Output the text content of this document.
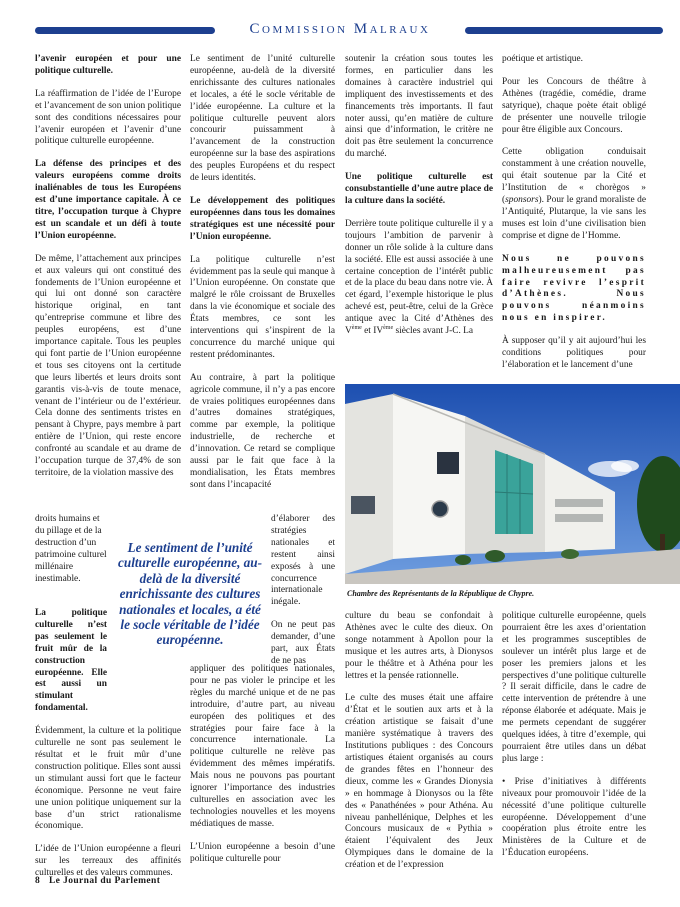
Commission Malraux

l’avenir européen et pour une politique culturelle.

La réaffirmation de l’idée de l’Europe et l’avancement de son union politique sont des conditions nécessaires pour l’avenir européen et l’avenir d’une politique culturelle européenne.

La défense des principes et des valeurs européens comme droits inaliénables de tous les Européens est d’une importance capitale. À ce titre, l’occupation turque à Chypre est un scandale et un défi à toute l’Union européenne.

De même, l’attachement aux principes et aux valeurs qui ont constitué des fondements de l’Union européenne et qui lui ont donné son caractère historique original, en tant qu’entreprise commune et libre des peuples européens, est d’une importance capitale. Tous les peuples qui font partie de l’Union européenne et tous ses citoyens ont la certitude que leurs libertés et leurs droits sont garantis vis-à-vis de toute menace, venant de l’intérieur ou de l’extérieur. Cela donne des sentiments tristes en pensant à Chypre, pays membre à part entière de l’Union, qui reste encore confronté au scandale et au drame de l’occupation turque de 37,4% de son territoire, de la violation massive des

droits humains et du pillage et de la destruction d’un patrimoine culturel millénaire inestimable.
Le sentiment de l’unité culturelle européenne, au-delà de la diversité enrichissante des cultures nationales et locales, a été le socle véritable de l’idée européenne.

La politique culturelle n’est pas seulement le fruit mûr de la construction européenne. Elle est aussi un stimulant fondamental.

Évidemment, la culture et la politique culturelle ne sont pas seulement le résultat et le fruit mûr d’une construction politique. Elles sont aussi un stimulant aussi fort que le facteur économique. Personne ne veut faire une union politique uniquement sur la base d’un strict rationalisme économique.

L’idée de l’Union européenne a fleuri sur les terreaux des affinités culturelles et des valeurs communes.

Le sentiment de l’unité culturelle européenne, au-delà de la diversité enrichissante des cultures nationales et locales, a été le socle véritable de l’idée européenne. La culture et la politique culturelle peuvent alors concourir puissamment à l’avancement de la construction européenne sur la base des aspirations des peuples Européens et du respect de leurs identités.

Le développement des politiques européennes dans tous les domaines stratégiques est une nécessité pour l’Union européenne.

La politique culturelle n’est évidemment pas la seule qui manque à l’Union européenne. On constate que malgré le rôle croissant de Bruxelles dans la vie économique et sociale des États membres, ce sont les interventions qui s’inspirent de la concurrence du marché unique qui restent prédominantes.

Au contraire, à part la politique agricole commune, il n’y a pas encore de vraies politiques européennes dans d’autres domaines stratégiques, comme par exemple, la politique industrielle, de recherche et d’innovation. Ce retard se complique aussi par le fait que face à la mondialisation, les États membres sont dans l’incapacité

d’élaborer des stratégies nationales et restent ainsi exposés à une concurrence internationale inégale.

On ne peut pas demander, d’une part, aux États de ne pas

appliquer des politiques nationales, pour ne pas violer le principe et les règles du marché unique et de ne pas introduire, d’autre part, au niveau européen des politiques et des stratégies pour faire face à la concurrence internationale. La politique culturelle ne relève pas évidemment des mêmes impératifs. Mais nous ne pouvons pas pourtant ignorer l’importance des industries culturelles en association avec les technologies nouvelles et les moyens médiatiques de masse.

L’Union européenne a besoin d’une politique culturelle pour

soutenir la création sous toutes les formes, en particulier dans les domaines à caractère industriel qui impliquent des investissements et des financements très importants. Il faut noter aussi, qu’en matière de culture ainsi que d’information, le critère ne doit pas être seulement la concurrence du marché.

Une politique culturelle est consubstantielle d’une autre place de la culture dans la société.

Derrière toute politique culturelle il y a toujours l’ambition de parvenir à donner un rôle solide à la culture dans la société. Elle est aussi associée à une certaine conception de l’intérêt public et de la place du beau dans notre vie. À cet égard, l’exemple historique le plus achevé est, peut-être, celui de la Grèce antique avec la Cité d’Athènes des Vème et IVème siècles avant J-C. La

poétique et artistique.

Pour les Concours de théâtre à Athènes (tragédie, comédie, drame satyrique), chaque poète était obligé de présenter une nouvelle trilogie pour être éligible aux Concours.

Cette obligation conduisait constamment à une création nouvelle, qui était soutenue par la Cité et l’Institution de « chorègos » (sponsors). Pour le grand moraliste de l’Antiquité, Plutarque, la vie sans les muses est loin d’une civilisation bien comprise et digne de l’Homme.

Nous ne pouvons malheureusement pas faire revivre l’esprit d’Athènes. Nous pouvons néanmoins nous en inspirer.

À supposer qu’il y ait aujourd’hui les conditions politiques pour l’élaboration et le lancement d’une

Chambre des Représentants de la République de Chypre.

culture du beau se confondait à Athènes avec le culte des dieux. On songe notamment à Apollon pour la musique et les autres arts, à Dionysos pour le théâtre et à Athéna pour les lettres et la pensée rationnelle.

Le culte des muses était une affaire d’État et le soutien aux arts et à la création artistique se faisait d’une manière systématique à travers des Institutions publiques : des Concours artistiques étaient organisés au cours de grandes fêtes en l’honneur des dieux, comme les « Grandes Dionysia » en hommage à Dionysos ou la fête des « Panathénées » pour Athéna. Au niveau panhellénique, Delphes et les Concours musicaux de « Pythia » étaient l’équivalent des Jeux Olympiques dans le domaine de la création et de l’expression

politique culturelle européenne, quels pourraient être les axes d’orientation et les programmes susceptibles de soulever un intérêt plus large et de poser les premiers jalons et les perspectives d’une politique culturelle ? Il serait difficile, dans le cadre de cette intervention de prétendre à une réponse élaborée et adéquate. Mais je me permets cependant de suggérer quelques idées, à titre d’exemple, qui pourraient être utiles dans un débat plus large :

• Prise d’initiatives à différents niveaux pour promouvoir l’idée de la nécessité d’une politique culturelle européenne. Développement d’une coopération plus étroite entre les Ministères de la Culture et de l’Éducation européens.

8 Le Journal du Parlement
